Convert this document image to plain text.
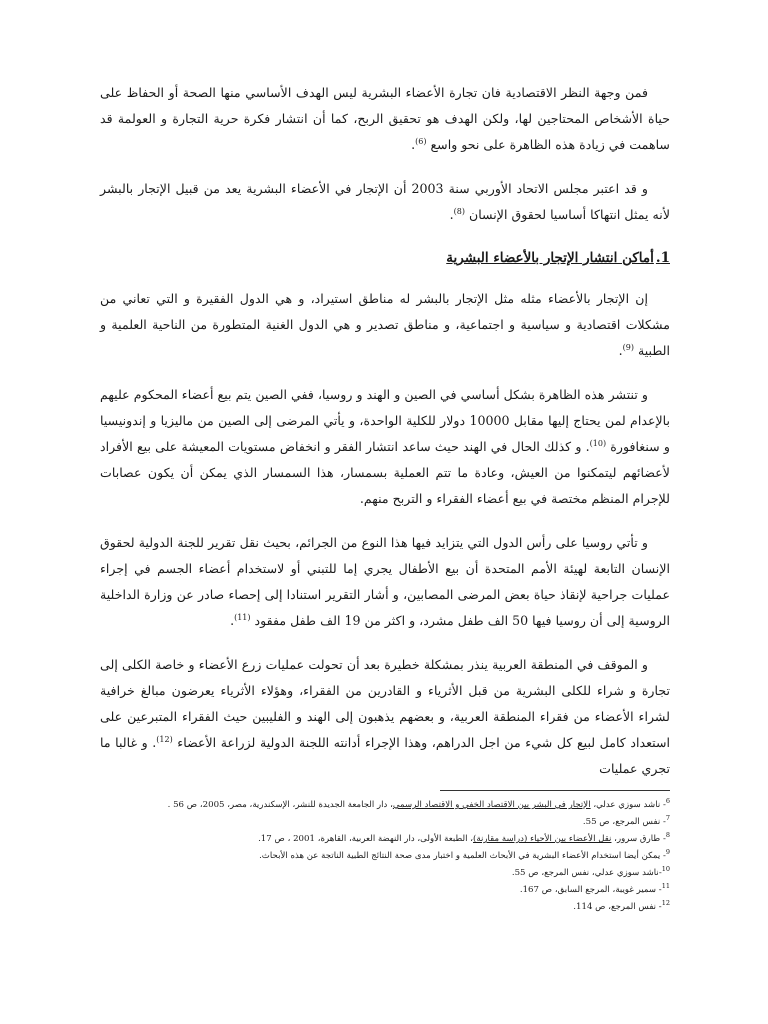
فمن وجهة النظر الاقتصادية فان تجارة الأعضاء البشرية ليس الهدف الأساسي منها الصحة أو الحفاظ على حياة الأشخاص المحتاجين لها، ولكن الهدف هو تحقيق الربح، كما أن انتشار فكرة حرية التجارة و العولمة قد ساهمت في زيادة هذه الظاهرة على نحو واسع $^{(6)}$.

و قد اعتبر مجلس الاتحاد الأوربي سنة 2003 أن الإتجار في الأعضاء البشرية يعد من قبيل الإتجار بالبشر لأنه يمثل انتهاكا أساسيا لحقوق الإنسان $^{(8)}$.

1.أماكن انتشار الإتجار بالأعضاء البشرية

إن الإتجار بالأعضاء مثله مثل الإتجار بالبشر له مناطق استيراد، و هي الدول الفقيرة و التي تعاني من مشكلات اقتصادية و سياسية و اجتماعية، و مناطق تصدير و هي الدول الغنية المتطورة من الناحية العلمية و الطبية $^{(9)}$.

و تنتشر هذه الظاهرة بشكل أساسي في الصين و الهند و روسيا، ففي الصين يتم بيع أعضاء المحكوم عليهم بالإعدام لمن يحتاج إليها مقابل 10000 دولار للكلية الواحدة، و يأتي المرضى إلى الصين من ماليزيا و إندونيسيا و سنغافورة $^{(10)}$. و كذلك الحال في الهند حيث ساعد انتشار الفقر و انخفاض مستويات المعيشة على بيع الأفراد لأعضائهم ليتمكنوا من العيش، وعادة ما تتم العملية بسمسار، هذا السمسار الذي يمكن أن يكون عصابات للإجرام المنظم مختصة في بيع أعضاء الفقراء و التربح منهم.

و تأتي روسيا على رأس الدول التي يتزايد فيها هذا النوع من الجرائم، بحيث نقل تقرير للجنة الدولية لحقوق الإنسان التابعة لهيئة الأمم المتحدة أن بيع الأطفال يجري إما للتبني أو لاستخدام أعضاء الجسم في إجراء عمليات جراحية لإنقاذ حياة بعض المرضى المصابين، و أشار التقرير استنادا إلى إحصاء صادر عن وزارة الداخلية الروسية إلى أن روسيا فيها 50 الف طفل مشرد، و اكثر من 19 الف طفل مفقود $^{(11)}$.

و الموقف في المنطقة العربية ينذر بمشكلة خطيرة بعد أن تحولت عمليات زرع الأعضاء و خاصة الكلى إلى تجارة و شراء للكلى البشرية من قبل الأثرياء و القادرين من الفقراء، وهؤلاء الأثرياء يعرضون مبالغ خرافية لشراء الأعضاء من فقراء المنطقة العربية، و بعضهم يذهبون إلى الهند و الفليبين حيث الفقراء المتبرعين على استعداد كامل لبيع كل شيء من اجل الدراهم، وهذا الإجراء أدانته اللجنة الدولية لزراعة الأعضاء $^{(12)}$. و غالبا ما تجري عمليات

$^6$- ناشد سوزي عدلي، الإتجار في البشر بين الاقتصاد الخفي و الاقتصاد الرسمي، دار الجامعة الجديدة للنشر، الإسكندرية، مصر، 2005، ص 56 .
$^7$- نفس المرجع، ص 55.
$^8$- طارق سرور، نقل الأعضاء بين الأحياء (دراسة مقارنة)، الطبعة الأولى، دار النهضة العربية، القاهرة، 2001 ، ص 17.
$^9$- يمكن أيضا استخدام الأعضاء البشرية في الأبحاث العلمية و اختبار مدى صحة النتائج الطبية الناتجة عن هذه الأبحاث.
$^{10}$-ناشد سوزي عدلي، نفس المرجع، ص 55.
$^{11}$- سمير غويبة، المرجع السابق، ص 167.
$^{12}$- نفس المرجع، ص 114.
